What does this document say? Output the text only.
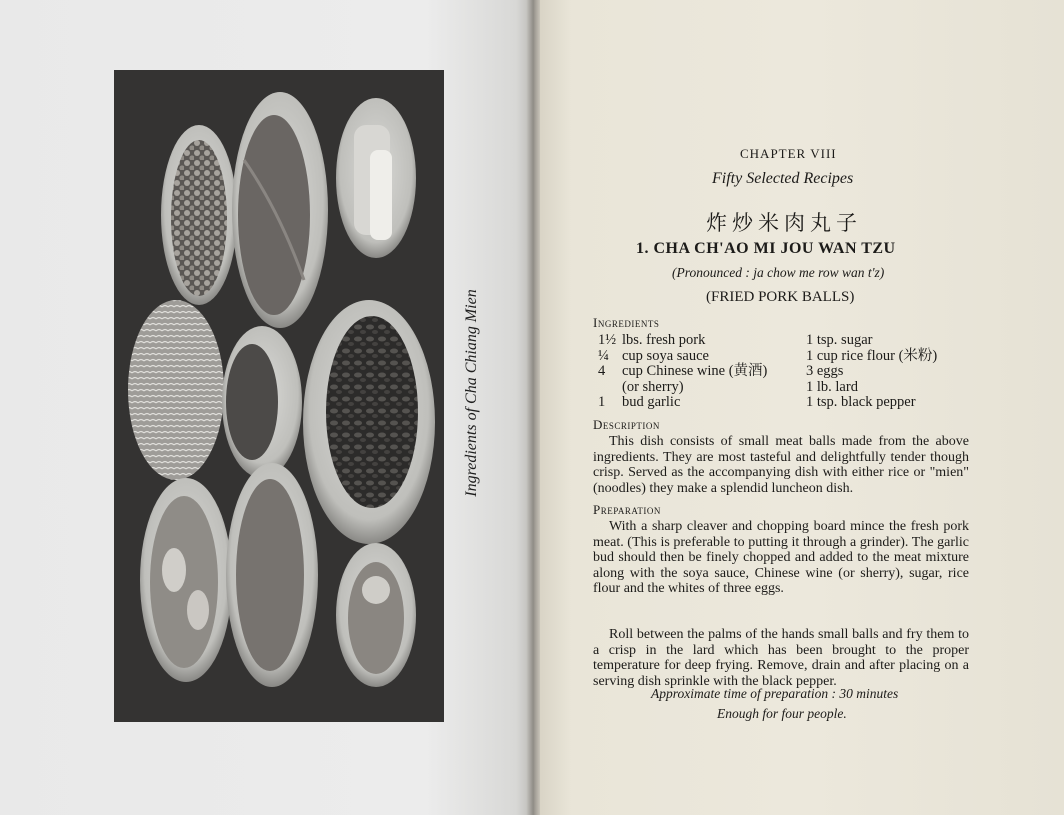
Ingredients of Cha Chiang Mien
CHAPTER VIII
Fifty Selected Recipes
炸炒米肉丸子
1. CHA CH'AO MI JOU WAN TZU
(Pronounced : ja chow me row wan t'z)
(FRIED PORK BALLS)
Ingredients
1½ lbs. fresh pork
¼ cup soya sauce
4	cup Chinese wine (黄酒)
(or sherry)
1	bud garlic
1 tsp. sugar
1 cup rice flour (米粉)
3 eggs
1 lb. lard
1 tsp. black pepper
Description
This dish consists of small meat balls made from the above ingredients. They are most tasteful and delightfully tender though crisp. Served as the accompanying dish with either rice or "mien" (noodles) they make a splendid luncheon dish.
Preparation
With a sharp cleaver and chopping board mince the fresh pork meat. (This is preferable to putting it through a grinder). The garlic bud should then be finely chopped and added to the meat mixture along with the soya sauce, Chinese wine (or sherry), sugar, rice flour and the whites of three eggs.
Roll between the palms of the hands small balls and fry them to a crisp in the lard which has been brought to the proper temperature for deep frying. Remove, drain and after placing on a serving dish sprinkle with the black pepper.
Approximate time of preparation : 30 minutes
Enough for four people.
